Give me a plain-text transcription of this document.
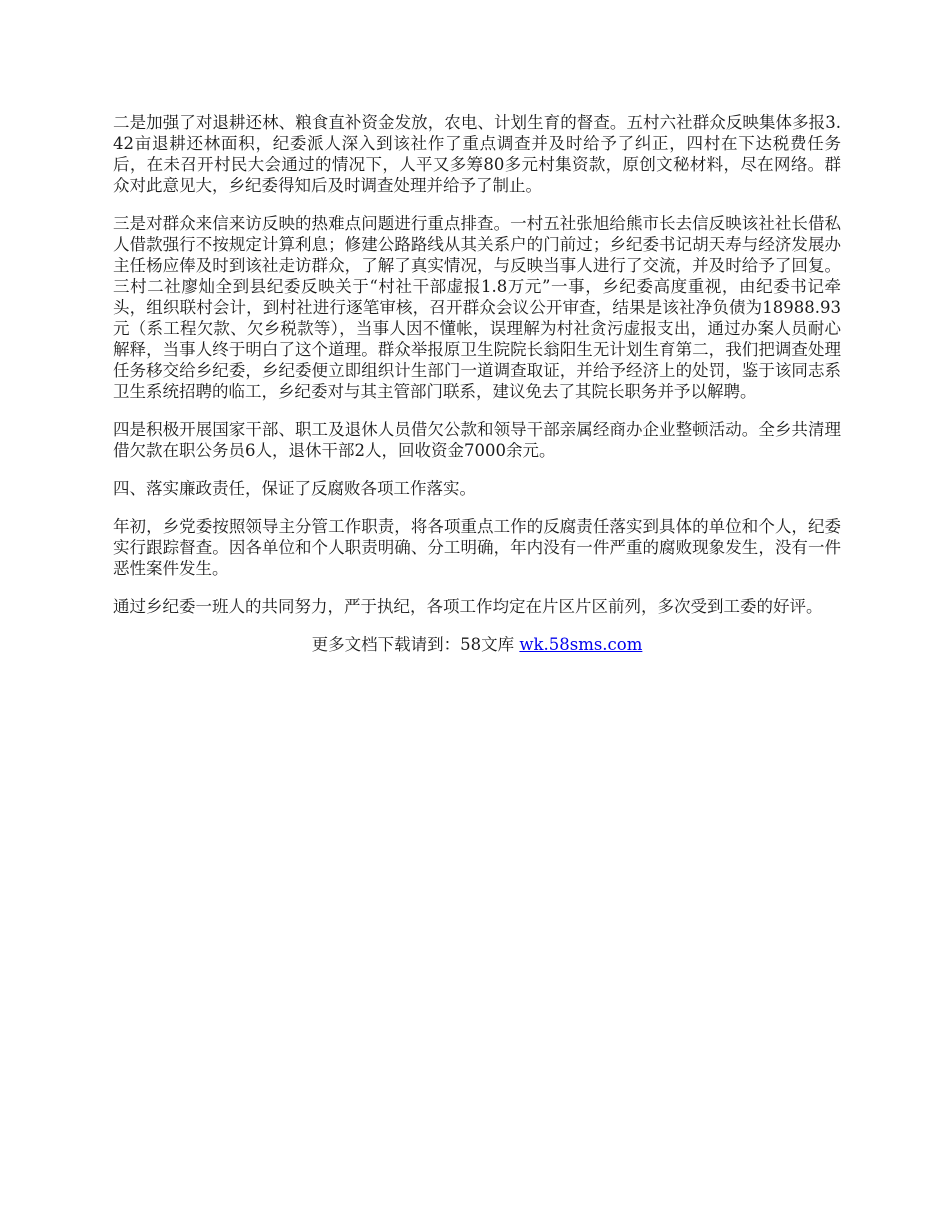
二是加强了对退耕还林、粮食直补资金发放，农电、计划生育的督查。五村六社群众反映集体多报3.42亩退耕还林面积，纪委派人深入到该社作了重点调查并及时给予了纠正，四村在下达税费任务后，在未召开村民大会通过的情况下，人平又多筹80多元村集资款，原创文秘材料，尽在网络。群众对此意见大，乡纪委得知后及时调查处理并给予了制止。

三是对群众来信来访反映的热难点问题进行重点排查。一村五社张旭给熊市长去信反映该社社长借私人借款强行不按规定计算利息；修建公路路线从其关系户的门前过；乡纪委书记胡天寿与经济发展办主任杨应俸及时到该社走访群众，了解了真实情况，与反映当事人进行了交流，并及时给予了回复。三村二社廖灿全到县纪委反映关于“村社干部虚报1.8万元”一事，乡纪委高度重视，由纪委书记牵头，组织联村会计，到村社进行逐笔审核，召开群众会议公开审查，结果是该社净负债为18988.93元（系工程欠款、欠乡税款等），当事人因不懂帐，误理解为村社贪污虚报支出，通过办案人员耐心解释，当事人终于明白了这个道理。群众举报原卫生院院长翁阳生无计划生育第二，我们把调查处理任务移交给乡纪委，乡纪委便立即组织计生部门一道调查取证，并给予经济上的处罚，鉴于该同志系卫生系统招聘的临工，乡纪委对与其主管部门联系，建议免去了其院长职务并予以解聘。

四是积极开展国家干部、职工及退休人员借欠公款和领导干部亲属经商办企业整顿活动。全乡共清理借欠款在职公务员6人，退休干部2人，回收资金7000余元。

四、落实廉政责任，保证了反腐败各项工作落实。

年初，乡党委按照领导主分管工作职责，将各项重点工作的反腐责任落实到具体的单位和个人，纪委实行跟踪督查。因各单位和个人职责明确、分工明确，年内没有一件严重的腐败现象发生，没有一件恶性案件发生。

通过乡纪委一班人的共同努力，严于执纪，各项工作均定在片区片区前列，多次受到工委的好评。

更多文档下载请到：58文库 wk.58sms.com
